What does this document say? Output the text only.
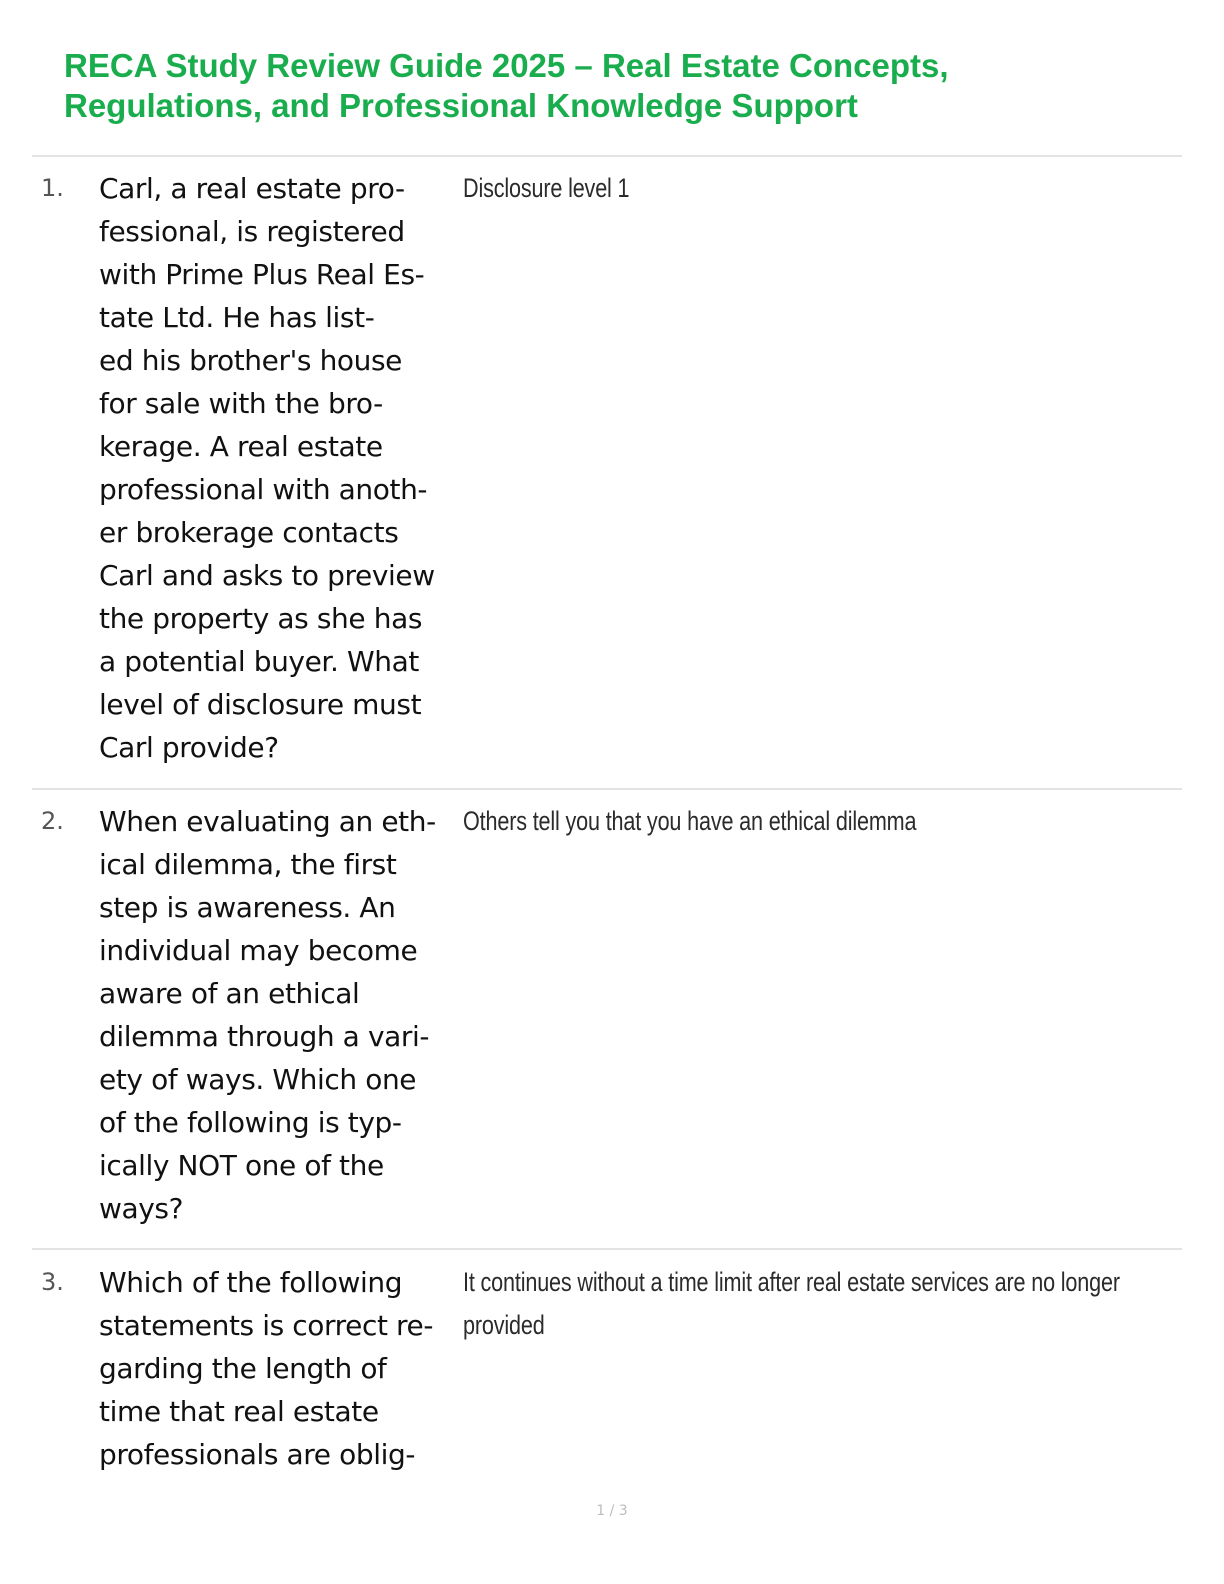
RECA Study Review Guide 2025 – Real Estate Concepts,
Regulations, and Professional Knowledge Support
1. Carl, a real estate pro-
fessional, is registered
with Prime Plus Real Es-
tate Ltd. He has list-
ed his brother's house
for sale with the bro-
kerage. A real estate
professional with anoth-
er brokerage contacts
Carl and asks to preview
the property as she has
a potential buyer. What
level of disclosure must
Carl provide?
Disclosure level 1
2. When evaluating an eth-
ical dilemma, the first
step is awareness. An
individual may become
aware of an ethical
dilemma through a vari-
ety of ways. Which one
of the following is typ-
ically NOT one of the
ways?
Others tell you that you have an ethical dilemma
3. Which of the following
statements is correct re-
garding the length of
time that real estate
professionals are oblig-
It continues without a time limit after real estate services are no longer
provided
1 / 3
